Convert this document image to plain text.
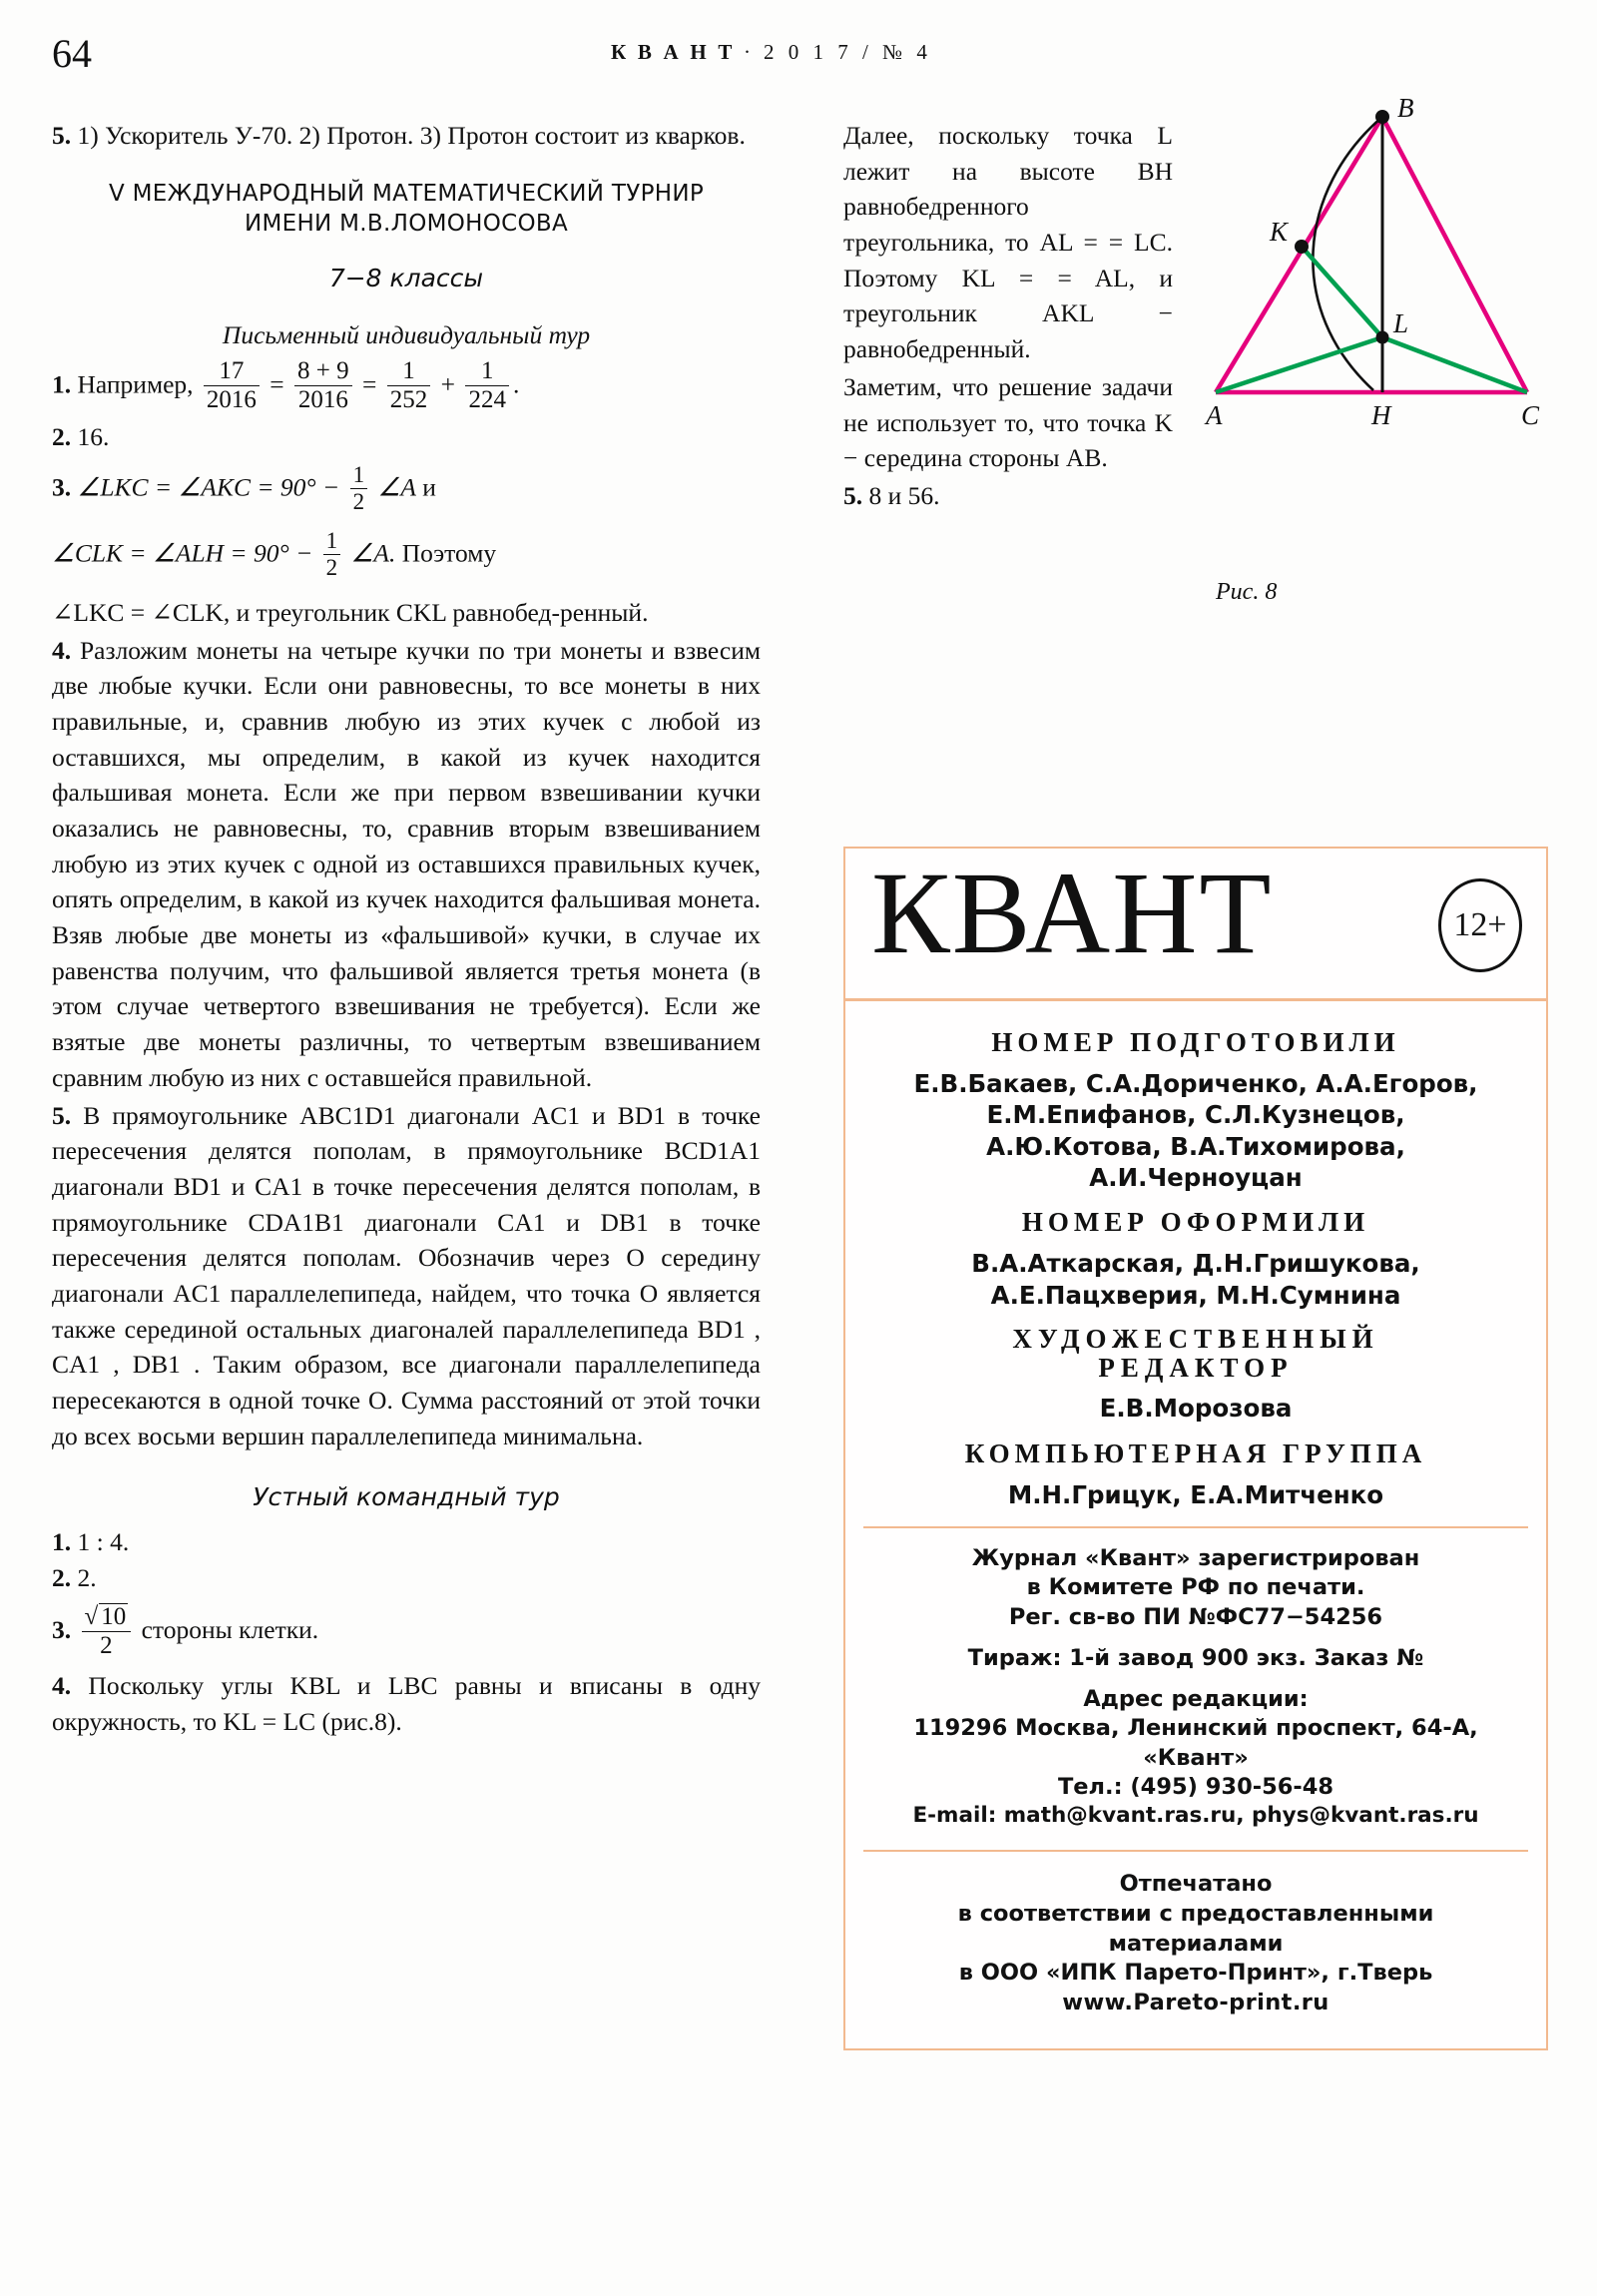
64	К В А Н Т · 2 0 1 7 / № 4

5. 1) Ускоритель У-70. 2) Протон. 3) Протон состоит из кварков.

V МЕЖДУНАРОДНЫЙ МАТЕМАТИЧЕСКИЙ ТУРНИР
ИМЕНИ М.В.ЛОМОНОСОВА
7−8 классы
Письменный индивидуальный тур

1. Например, $\frac{17}{2016} = \frac{8 + 9}{2016} = \frac{1}{252} + \frac{1}{224}$ .

2. 16.

3. ∠LKC = ∠AKC = $90^\circ - \frac{1}{2}$ ∠A и
∠CLK = ∠ALH = $90^\circ - \frac{1}{2}$ ∠A. Поэтому
∠LKC = ∠CLK, и треугольник CKL равнобед-ренный.

4. Разложим монеты на четыре кучки по три монеты и взвесим две любые кучки. Если они равновесны, то все монеты в них правильные, и, сравнив любую из этих кучек с любой из оставшихся, мы определим, в какой из кучек находится фальшивая монета. Если же при первом взвешивании кучки оказались не равновесны, то, сравнив вторым взвешиванием любую из этих кучек с одной из оставшихся правильных кучек, опять определим, в какой из кучек находится фальшивая монета. Взяв любые две монеты из «фальшивой» кучки, в случае их равенства получим, что фальшивой является третья монета (в этом случае четвертого взвешивания не требуется). Если же взятые две монеты различны, то четвертым взвешиванием сравним любую из них с оставшейся правильной.

5. В прямоугольнике ABC1D1 диагонали AC1 и BD1 в точке пересечения делятся пополам, в прямоугольнике BCD1A1 диагонали BD1 и CA1 в точке пересечения делятся пополам, в прямоугольнике CDA1B1 диагонали CA1 и DB1 в точке пересечения делятся пополам. Обозначив через O середину диагонали AC1 параллелепипеда, найдем, что точка O является также серединой остальных диагоналей параллелепипеда BD1 , CA1 , DB1 . Таким образом, все диагонали параллелепипеда пересекаются в одной точке O. Сумма расстояний от этой точки до всех восьми вершин параллелепипеда минимальна.

Устный командный тур

1. 1 : 4.

2. 2.

3. $\frac{√ 10}{2}$ стороны клетки.

4. Поскольку углы KBL и LBC равны и вписаны в одну окружность, то KL = LC (рис.8).

Далее, поскольку точка L лежит на высоте BH равнобедренного треугольника, то AL = = LC. Поэтому KL = = AL, и треугольник AKL − равнобедренный.

Заметим, что решение задачи не использует то, что точка K − середина стороны AB.

5. 8 и 56.

B
K
L
A	H	C
Рис. 8
КВАНТ	12+
НОМЕР ПОДГОТОВИЛИ
Е.В.Бакаев, С.А.Дориченко, А.А.Егоров,
Е.М.Епифанов, С.Л.Кузнецов,
А.Ю.Котова, В.А.Тихомирова,
А.И.Черноуцан
НОМЕР ОФОРМИЛИ
В.А.Аткарская, Д.Н.Гришукова,
А.Е.Пацхверия, М.Н.Сумнина
ХУДОЖЕСТВЕННЫЙ
РЕДАКТОР
Е.В.Морозова
КОМПЬЮТЕРНАЯ ГРУППА
М.Н.Грицук, Е.А.Митченко
Журнал «Квант» зарегистрирован
в Комитете РФ по печати.
Рег. св-во ПИ №ФС77−54256
Тираж: 1-й завод 900 экз. Заказ №
Адрес редакции:
119296 Москва, Ленинский проспект, 64-А,
«Квант»
Тел.: (495) 930-56-48
E-mail: math@kvant.ras.ru, phys@kvant.ras.ru
Отпечатано
в соответствии с предоставленными
материалами
в ООО «ИПК Парето-Принт», г.Тверь
www.Pareto-print.ru
